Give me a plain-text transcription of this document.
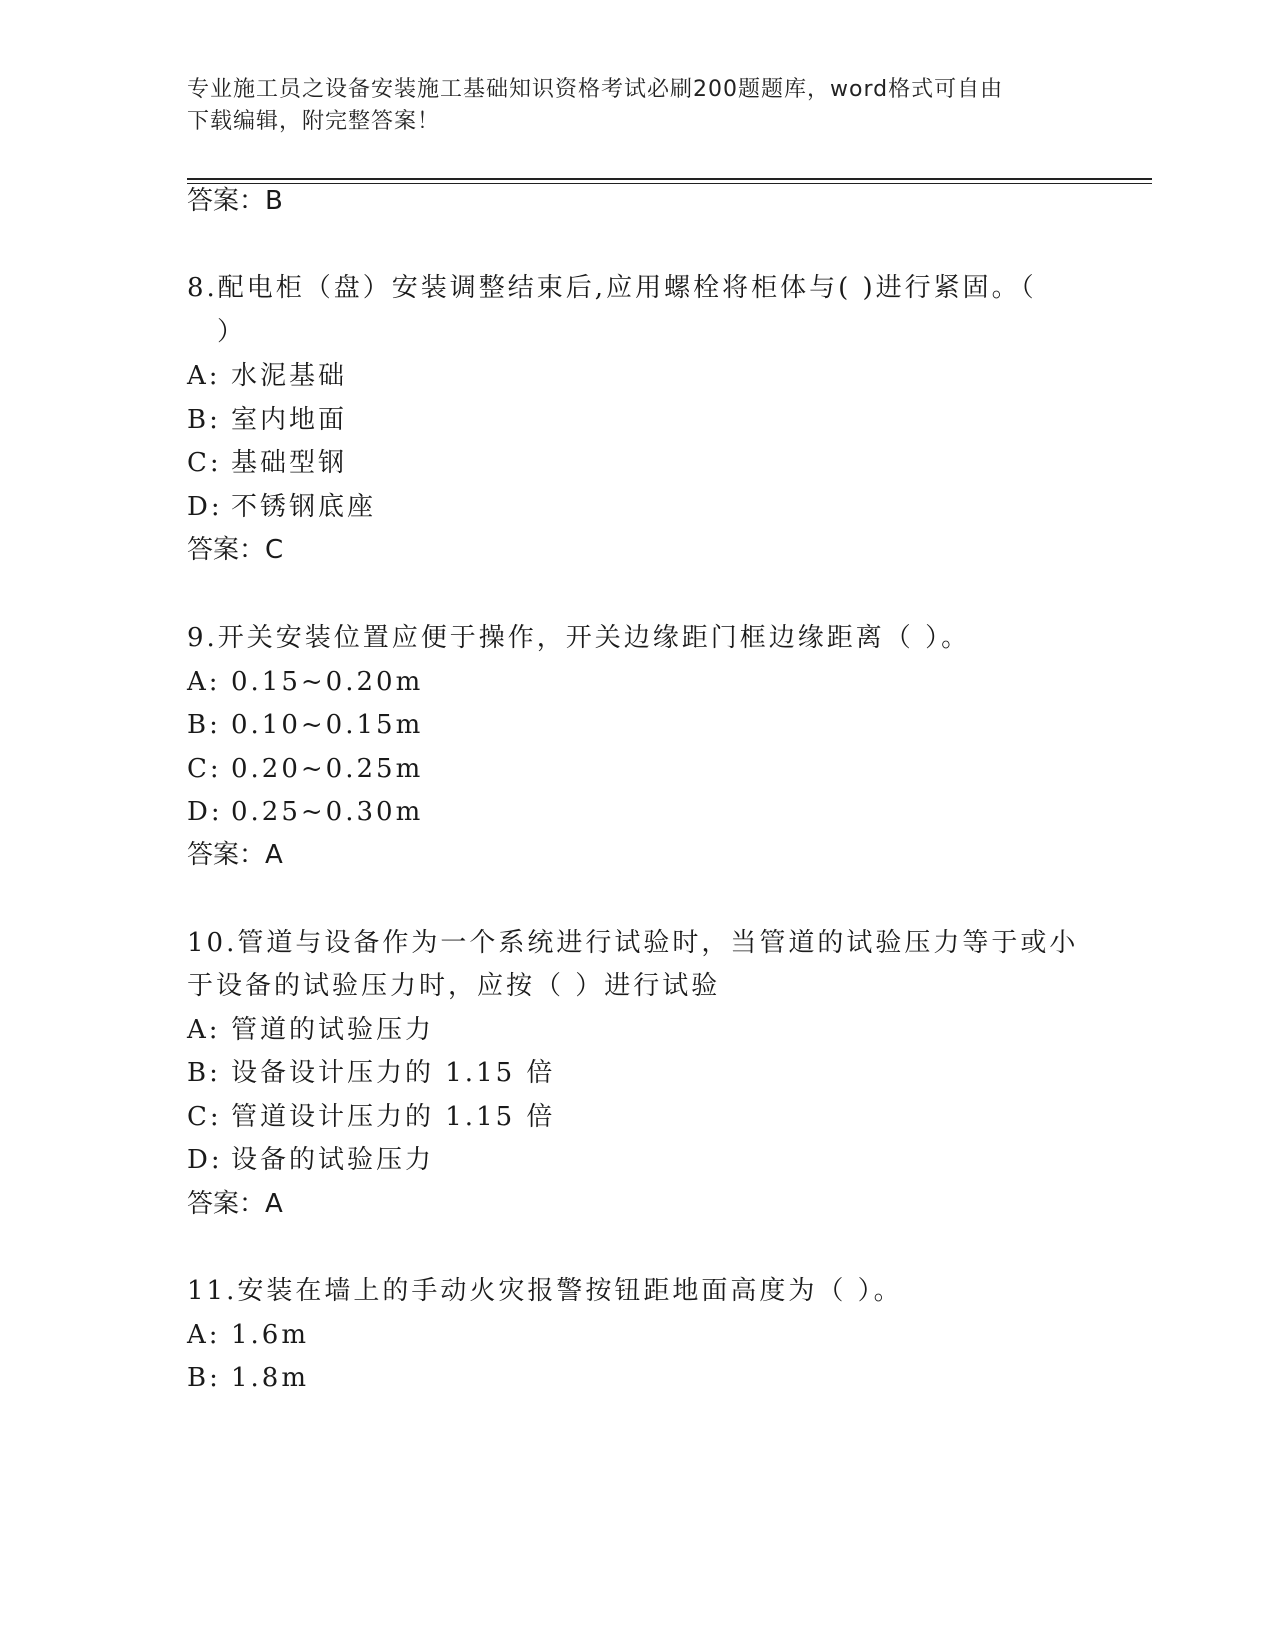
专业施工员之设备安装施工基础知识资格考试必刷200题题库，word格式可自由
下载编辑，附完整答案！
答案：B
8.配电柜（盘）安装调整结束后,应用螺栓将柜体与( )进行紧固。（
）
A: 水泥基础
B: 室内地面
C: 基础型钢
D: 不锈钢底座
答案：C
9.开关安装位置应便于操作，开关边缘距门框边缘距离（ ）。
A: 0.15~0.20m
B: 0.10~0.15m
C: 0.20~0.25m
D: 0.25~0.30m
答案：A
10.管道与设备作为一个系统进行试验时，当管道的试验压力等于或小
于设备的试验压力时，应按（ ）进行试验
A: 管道的试验压力
B: 设备设计压力的 1.15 倍
C: 管道设计压力的 1.15 倍
D: 设备的试验压力
答案：A
11.安装在墙上的手动火灾报警按钮距地面高度为（ ）。
A: 1.6m
B: 1.8m
